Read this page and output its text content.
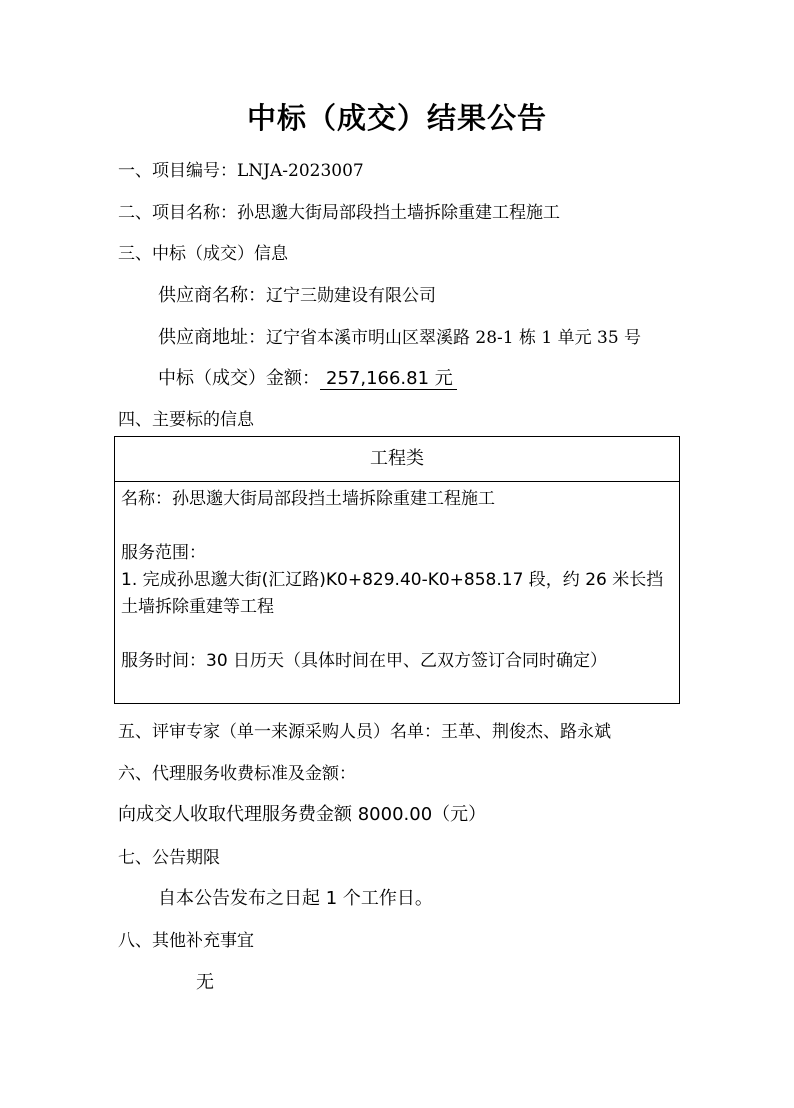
中标（成交）结果公告
一、项目编号：LNJA-2023007
二、项目名称：孙思邈大街局部段挡土墙拆除重建工程施工
三、中标（成交）信息
供应商名称：辽宁三勋建设有限公司
供应商地址：辽宁省本溪市明山区翠溪路 28-1 栋 1 单元 35 号
中标（成交）金额： 257,166.81 元
四、主要标的信息
工程类

名称：孙思邈大街局部段挡土墙拆除重建工程施工

服务范围：

1. 完成孙思邈大街(汇辽路)K0+829.40-K0+858.17 段，约 26 米长挡土墙拆除重建等工程

服务时间：30 日历天（具体时间在甲、乙双方签订合同时确定）

五、评审专家（单一来源采购人员）名单：王革、荆俊杰、路永斌
六、代理服务收费标准及金额：
向成交人收取代理服务费金额 8000.00（元）
七、公告期限
自本公告发布之日起 1 个工作日。
八、其他补充事宜
无
